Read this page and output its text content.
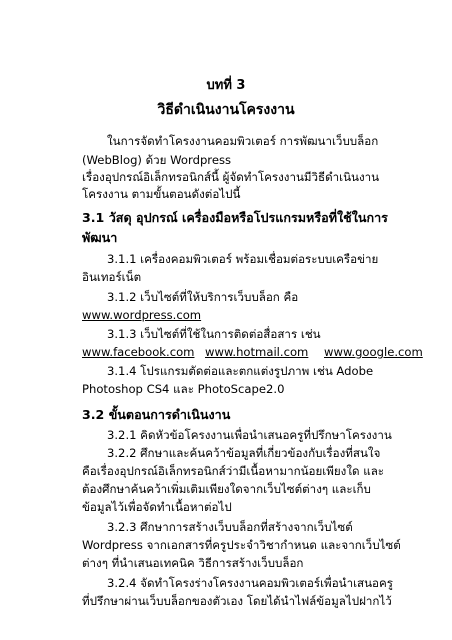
บทที่ 3
วิธีดำเนินงานโครงงาน
ในการจัดทำโครงงานคอมพิวเตอร์ การพัฒนาเว็บบล็อก
(WebBlog) ด้วย Wordpress
เรื่องอุปกรณ์อิเล็กทรอนิกส์นี้ ผู้จัดทำโครงงานมีวิธีดำเนินงาน
โครงงาน ตามขั้นตอนดังต่อไปนี้
3.1 วัสดุ อุปกรณ์ เครื่องมือหรือโปรแกรมหรือที่ใช้ในการ
พัฒนา
3.1.1 เครื่องคอมพิวเตอร์ พร้อมเชื่อมต่อระบบเครือข่าย
อินเทอร์เน็ต
3.1.2 เว็บไซต์ที่ให้บริการเว็บบล็อก คือ
www.wordpress.com
3.1.3 เว็บไซต์ที่ใช้ในการติดต่อสื่อสาร เช่น
www.facebook.com www.hotmail.com www.google.com
3.1.4 โปรแกรมตัดต่อและตกแต่งรูปภาพ เช่น Adobe
Photoshop CS4 และ PhotoScape2.0
3.2 ขั้นตอนการดำเนินงาน
3.2.1 คิดหัวข้อโครงงานเพื่อนำเสนอครูที่ปรึกษาโครงงาน
3.2.2 ศึกษาและค้นคว้าข้อมูลที่เกี่ยวข้องกับเรื่องที่สนใจ
คือเรื่องอุปกรณ์อิเล็กทรอนิกส์ว่ามีเนื้อหามากน้อยเพียงใด และ
ต้องศึกษาค้นคว้าเพิ่มเติมเพียงใดจากเว็บไซต์ต่างๆ และเก็บ
ข้อมูลไว้เพื่อจัดทำเนื้อหาต่อไป
3.2.3 ศึกษาการสร้างเว็บบล็อกที่สร้างจากเว็บไซต์
Wordpress จากเอกสารที่ครูประจำวิชากำหนด และจากเว็บไซต์
ต่างๆ ที่นำเสนอเทคนิค วิธีการสร้างเว็บบล็อก
3.2.4 จัดทำโครงร่างโครงงานคอมพิวเตอร์เพื่อนำเสนอครู
ที่ปรึกษาผ่านเว็บบล็อกของตัวเอง โดยได้นำไฟล์ข้อมูลไปฝากไว้
